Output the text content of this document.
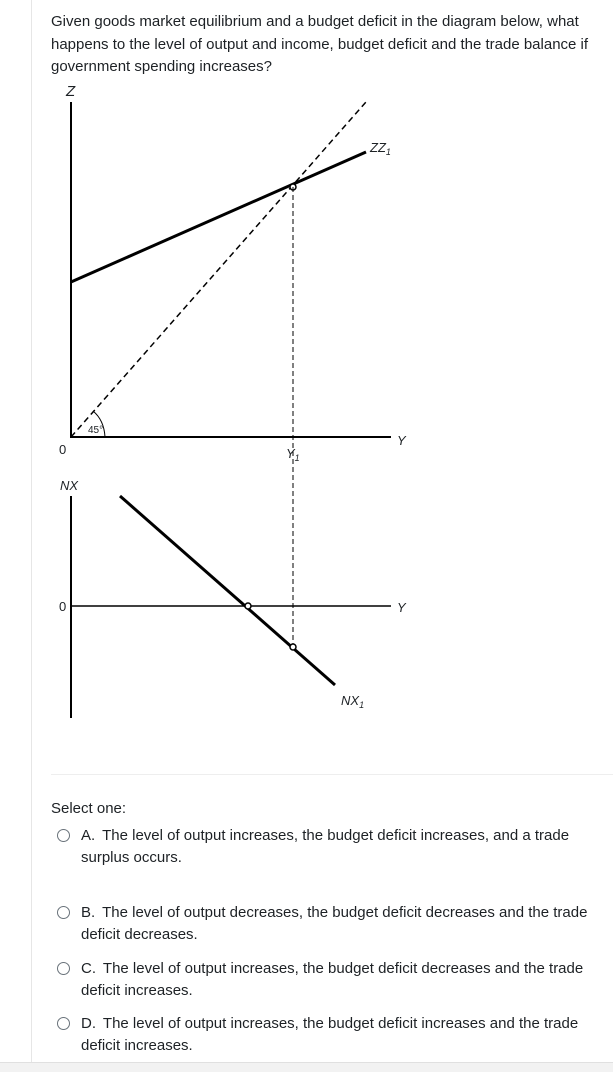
Given goods market equilibrium and a budget deficit in the diagram below, what happens to the level of output and income, budget deficit and the trade balance if government spending increases?
Z
0
Y
45°
$ZZ_1$
$Y_1$
NX
0	Y
$NX_1$
Select one:
A. The level of output increases, the budget deficit increases, and a trade surplus occurs.
B. The level of output decreases, the budget deficit decreases and the trade deficit decreases.
C. The level of output increases, the budget deficit decreases and the trade deficit increases.
D. The level of output increases, the budget deficit increases and the trade deficit increases.
